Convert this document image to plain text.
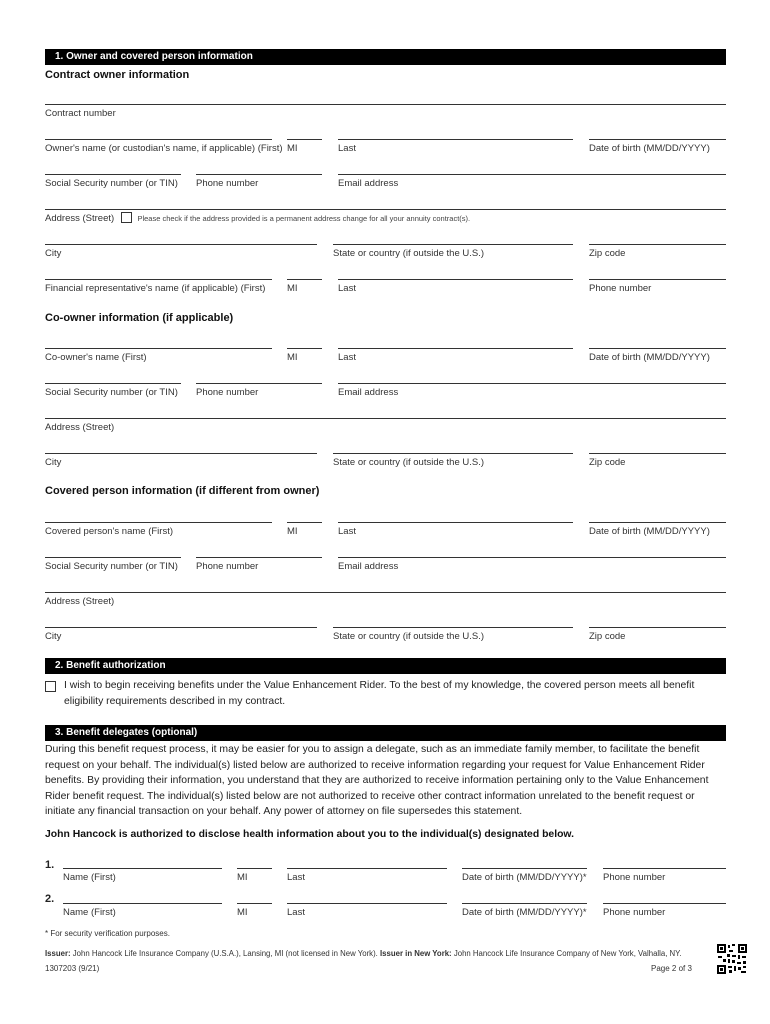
1. Owner and covered person information
Contract owner information
Contract number
Owner's name (or custodian's name, if applicable) (First) MI	Last	Date of birth (MM/DD/YYYY)
Social Security number (or TIN)	Phone number	Email address
Address (Street)	Please check if the address provided is a permanent address change for all your annuity contract(s).
City	State or country (if outside the U.S.)	Zip code
Financial representative's name (if applicable) (First)	MI	Last	Phone number
Co-owner information (if applicable)
Co-owner's name (First)	MI	Last	Date of birth (MM/DD/YYYY)
Social Security number (or TIN)	Phone number	Email address
Address (Street)
City	State or country (if outside the U.S.)	Zip code
Covered person information (if different from owner)
Covered person's name (First)	MI	Last	Date of birth (MM/DD/YYYY)
Social Security number (or TIN)	Phone number	Email address
Address (Street)
City	State or country (if outside the U.S.)	Zip code
2. Benefit authorization
I wish to begin receiving benefits under the Value Enhancement Rider. To the best of my knowledge, the covered person meets all benefit eligibility requirements described in my contract.
3. Benefit delegates (optional)
During this benefit request process, it may be easier for you to assign a delegate, such as an immediate family member, to facilitate the benefit request on your behalf. The individual(s) listed below are authorized to receive information regarding your request for Value Enhancement Rider benefits. By providing their information, you understand that they are authorized to receive information pertaining only to the Value Enhancement Rider benefit request. The individual(s) listed below are not authorized to receive other contract information unrelated to the benefit request or initiate any financial transaction on your behalf. Any power of attorney on file supersedes this statement.
John Hancock is authorized to disclose health information about you to the individual(s) designated below.
1.
Name (First)	MI	Last	Date of birth (MM/DD/YYYY)* Phone number
2.
Name (First)	MI	Last	Date of birth (MM/DD/YYYY)* Phone number
* For security verification purposes.
Issuer: John Hancock Life Insurance Company (U.S.A.), Lansing, MI (not licensed in New York). Issuer in New York: John Hancock Life Insurance Company of New York, Valhalla, NY.
1307203 (9/21)	Page 2 of 3
